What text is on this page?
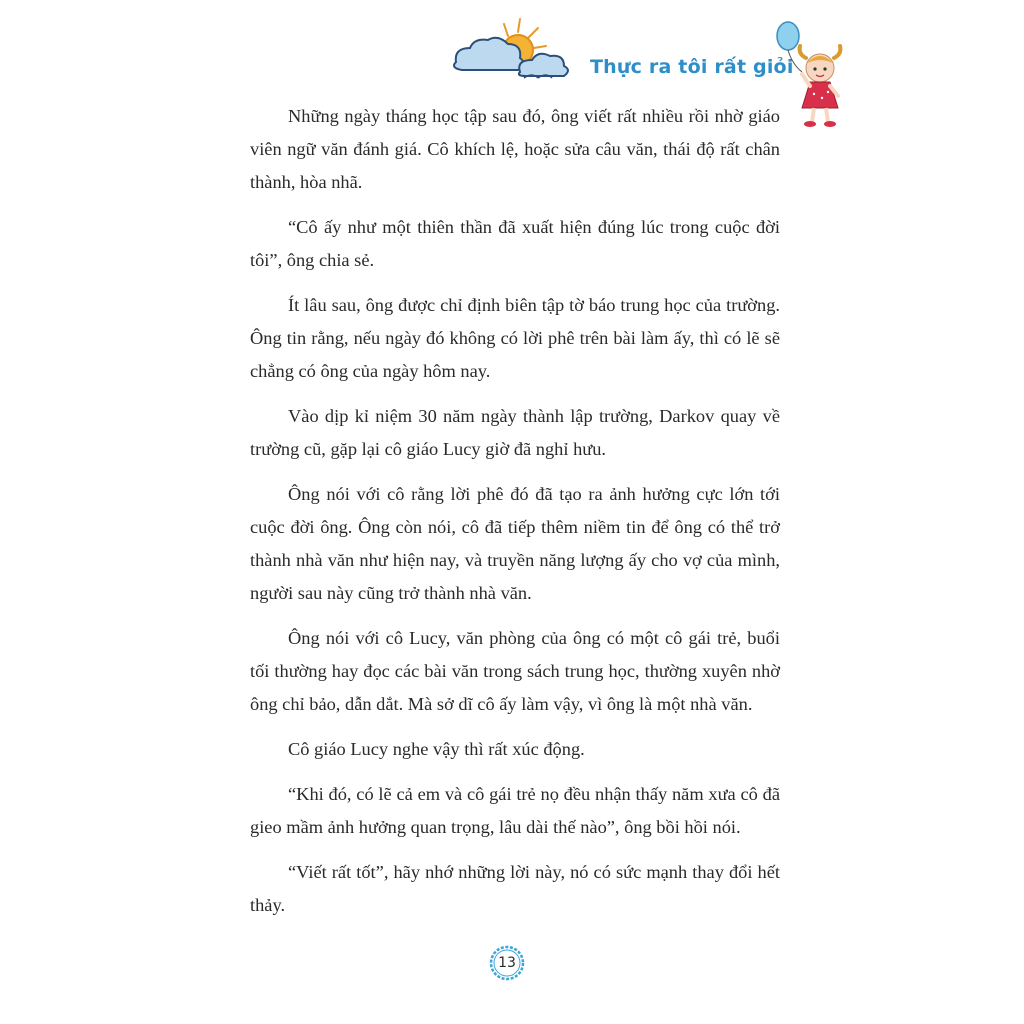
Thực ra tôi rất giỏi

Những ngày tháng học tập sau đó, ông viết rất nhiều rồi nhờ giáo viên ngữ văn đánh giá. Cô khích lệ, hoặc sửa câu văn, thái độ rất chân thành, hòa nhã.

“Cô ấy như một thiên thần đã xuất hiện đúng lúc trong cuộc đời tôi”, ông chia sẻ.

Ít lâu sau, ông được chỉ định biên tập tờ báo trung học của trường. Ông tin rằng, nếu ngày đó không có lời phê trên bài làm ấy, thì có lẽ sẽ chẳng có ông của ngày hôm nay.

Vào dịp kỉ niệm 30 năm ngày thành lập trường, Darkov quay về trường cũ, gặp lại cô giáo Lucy giờ đã nghỉ hưu.

Ông nói với cô rằng lời phê đó đã tạo ra ảnh hưởng cực lớn tới cuộc đời ông. Ông còn nói, cô đã tiếp thêm niềm tin để ông có thể trở thành nhà văn như hiện nay, và truyền năng lượng ấy cho vợ của mình, người sau này cũng trở thành nhà văn.

Ông nói với cô Lucy, văn phòng của ông có một cô gái trẻ, buổi tối thường hay đọc các bài văn trong sách trung học, thường xuyên nhờ ông chỉ bảo, dẫn dắt. Mà sở dĩ cô ấy làm vậy, vì ông là một nhà văn.

Cô giáo Lucy nghe vậy thì rất xúc động.

“Khi đó, có lẽ cả em và cô gái trẻ nọ đều nhận thấy năm xưa cô đã gieo mầm ảnh hưởng quan trọng, lâu dài thế nào”, ông bồi hồi nói.

“Viết rất tốt”, hãy nhớ những lời này, nó có sức mạnh thay đổi hết thảy.

13
